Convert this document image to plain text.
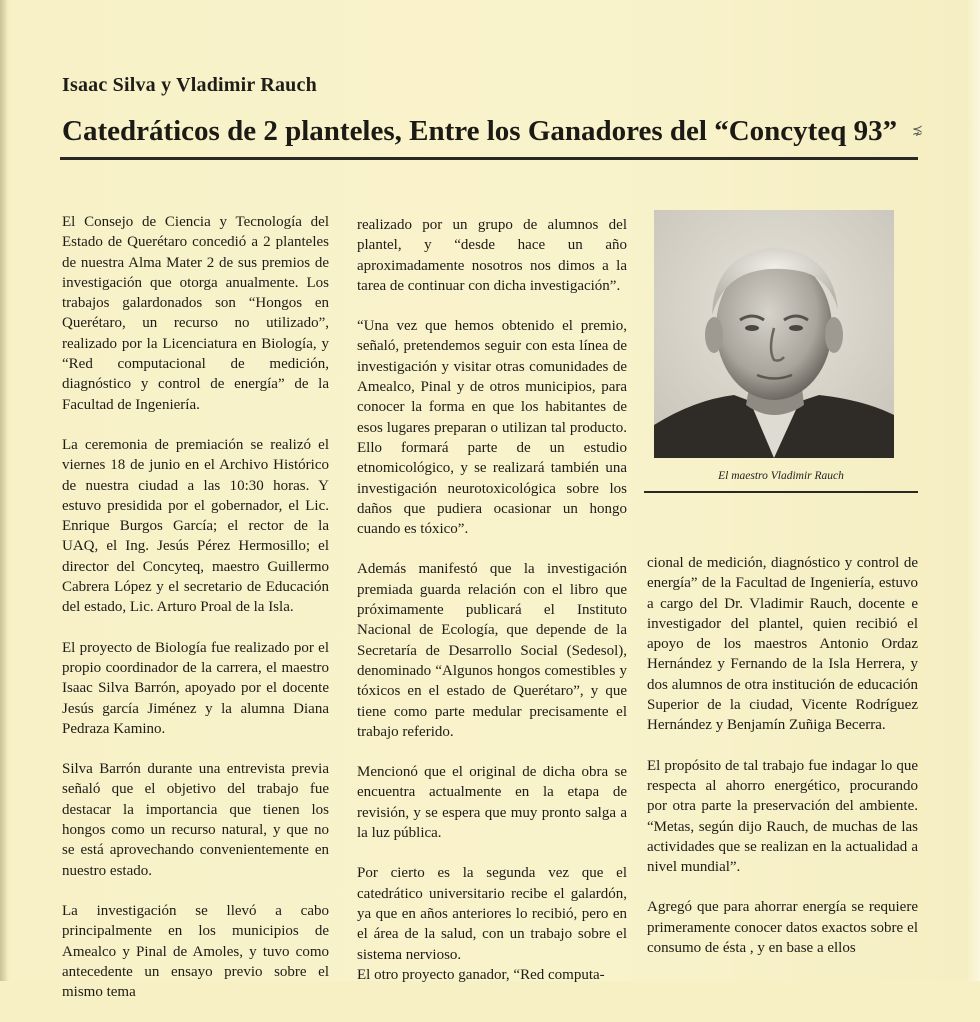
Isaac Silva y Vladimir Rauch
Catedráticos de 2 planteles, Entre los Ganadores del “Concyteq 93” ⋨

El Consejo de Ciencia y Tecnología del Estado de Querétaro concedió a 2 planteles de nuestra Alma Mater 2 de sus premios de investigación que otorga anualmente. Los trabajos galardonados son “Hongos en Querétaro, un recurso no utilizado”, realizado por la Licenciatura en Biología, y “Red computacional de medición, diagnóstico y control de energía” de la Facultad de Ingeniería.

La ceremonia de premiación se realizó el viernes 18 de junio en el Archivo Histórico de nuestra ciudad a las 10:30 horas. Y estuvo presidida por el gobernador, el Lic. Enrique Burgos García; el rector de la UAQ, el Ing. Jesús Pérez Hermosillo; el director del Concyteq, maestro Guillermo Cabrera López y el secretario de Educación del estado, Lic. Arturo Proal de la Isla.

El proyecto de Biología fue realizado por el propio coordinador de la carrera, el maestro Isaac Silva Barrón, apoyado por el docente Jesús garcía Jiménez y la alumna Diana Pedraza Kamino.

Silva Barrón durante una entrevista previa señaló que el objetivo del trabajo fue destacar la importancia que tienen los hongos como un recurso natural, y que no se está aprovechando convenientemente en nuestro estado.

La investigación se llevó a cabo principalmente en los municipios de Amealco y Pinal de Amoles, y tuvo como antecedente un ensayo previo sobre el mismo tema

realizado por un grupo de alumnos del plantel, y “desde hace un año aproximadamente nosotros nos dimos a la tarea de continuar con dicha investigación”.

“Una vez que hemos obtenido el premio, señaló, pretendemos seguir con esta línea de investigación y visitar otras comunidades de Amealco, Pinal y de otros municipios, para conocer la forma en que los habitantes de esos lugares preparan o utilizan tal producto. Ello formará parte de un estudio etnomicológico, y se realizará también una investigación neurotoxicológica sobre los daños que pudiera ocasionar un hongo cuando es tóxico”.

Además manifestó que la investigación premiada guarda relación con el libro que próximamente publicará el Instituto Nacional de Ecología, que depende de la Secretaría de Desarrollo Social (Sedesol), denominado “Algunos hongos comestibles y tóxicos en el estado de Querétaro”, y que tiene como parte medular precisamente el trabajo referido.

Mencionó que el original de dicha obra se encuentra actualmente en la etapa de revisión, y se espera que muy pronto salga a la luz pública.

Por cierto es la segunda vez que el catedrático universitario recibe el galardón, ya que en años anteriores lo recibió, pero en el área de la salud, con un trabajo sobre el sistema nervioso.

El otro proyecto ganador, “Red computa-

El maestro Vladimir Rauch

cional de medición, diagnóstico y control de energía” de la Facultad de Ingeniería, estuvo a cargo del Dr. Vladimir Rauch, docente e investigador del plantel, quien recibió el apoyo de los maestros Antonio Ordaz Hernández y Fernando de la Isla Herrera, y dos alumnos de otra institución de educación Superior de la ciudad, Vicente Rodríguez Hernández y Benjamín Zuñiga Becerra.

El propósito de tal trabajo fue indagar lo que respecta al ahorro energético, procurando por otra parte la preservación del ambiente. “Metas, según dijo Rauch, de muchas de las actividades que se realizan en la actualidad a nivel mundial”.

Agregó que para ahorrar energía se requiere primeramente conocer datos exactos sobre el consumo de ésta , y en base a ellos
